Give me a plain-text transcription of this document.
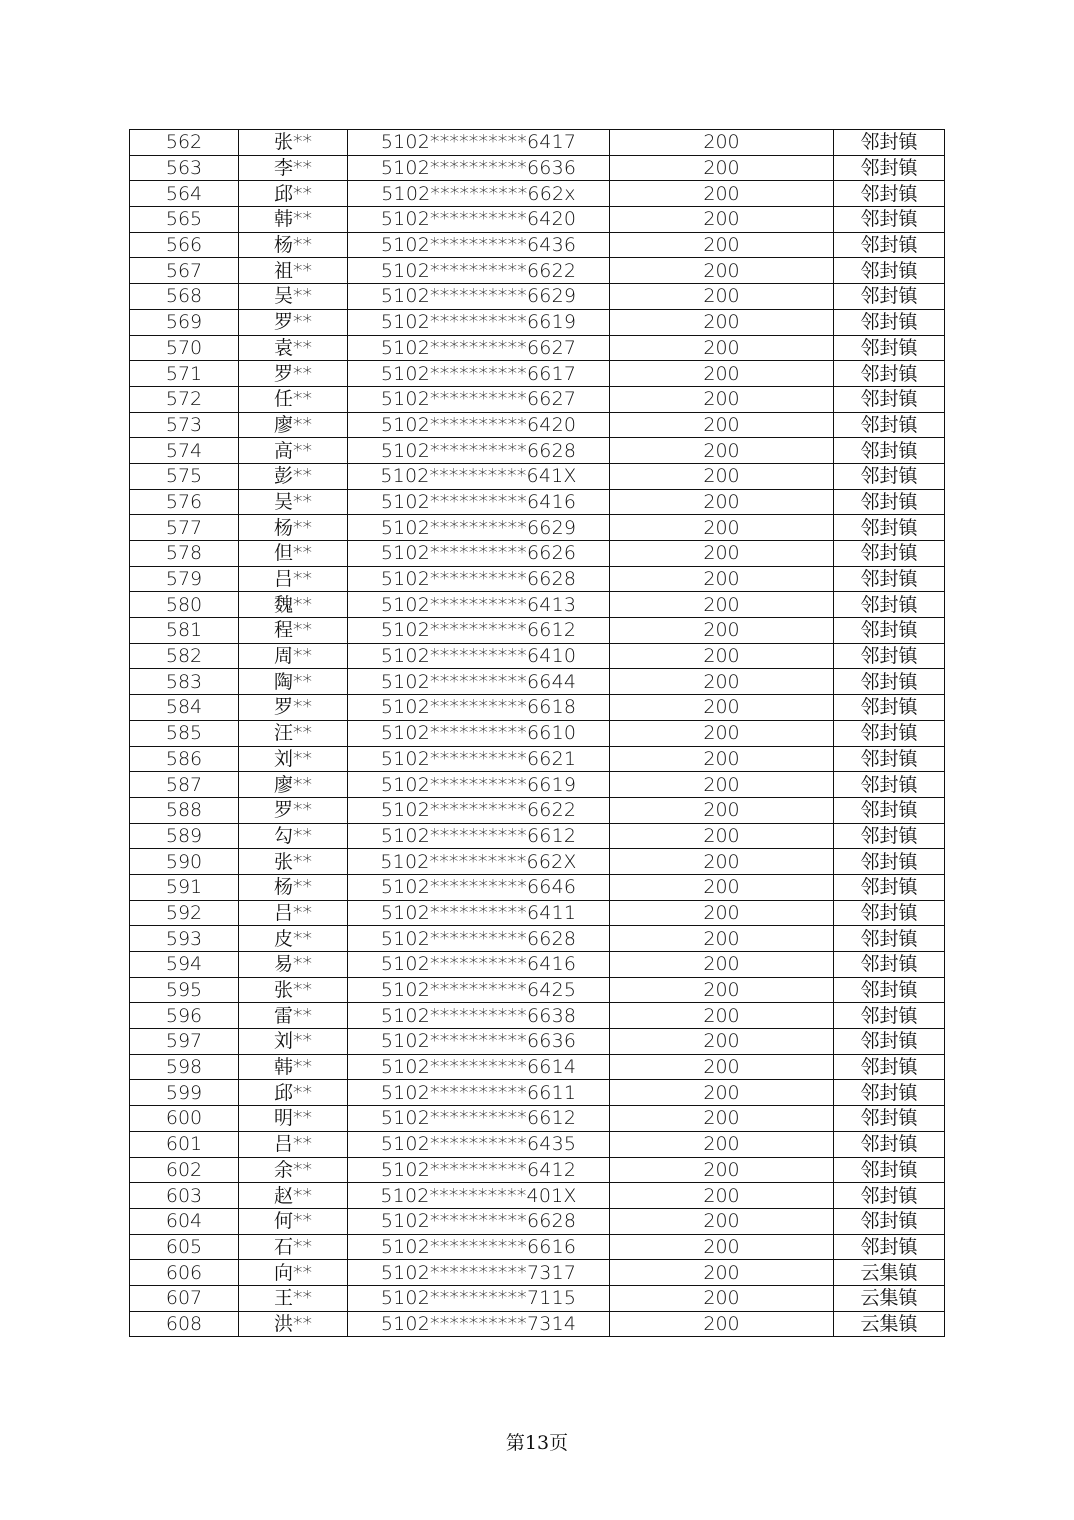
562	张**	5102**********6417	200	邻封镇
563	李**	5102**********6636	200	邻封镇
564	邱**	5102**********662x	200	邻封镇
565	韩**	5102**********6420	200	邻封镇
566	杨**	5102**********6436	200	邻封镇
567	祖**	5102**********6622	200	邻封镇
568	吴**	5102**********6629	200	邻封镇
569	罗**	5102**********6619	200	邻封镇
570	袁**	5102**********6627	200	邻封镇
571	罗**	5102**********6617	200	邻封镇
572	任**	5102**********6627	200	邻封镇
573	廖**	5102**********6420	200	邻封镇
574	高**	5102**********6628	200	邻封镇
575	彭**	5102**********641X	200	邻封镇
576	吴**	5102**********6416	200	邻封镇
577	杨**	5102**********6629	200	邻封镇
578	但**	5102**********6626	200	邻封镇
579	吕**	5102**********6628	200	邻封镇
580	魏**	5102**********6413	200	邻封镇
581	程**	5102**********6612	200	邻封镇
582	周**	5102**********6410	200	邻封镇
583	陶**	5102**********6644	200	邻封镇
584	罗**	5102**********6618	200	邻封镇
585	汪**	5102**********6610	200	邻封镇
586	刘**	5102**********6621	200	邻封镇
587	廖**	5102**********6619	200	邻封镇
588	罗**	5102**********6622	200	邻封镇
589	勾**	5102**********6612	200	邻封镇
590	张**	5102**********662X	200	邻封镇
591	杨**	5102**********6646	200	邻封镇
592	吕**	5102**********6411	200	邻封镇
593	皮**	5102**********6628	200	邻封镇
594	易**	5102**********6416	200	邻封镇
595	张**	5102**********6425	200	邻封镇
596	雷**	5102**********6638	200	邻封镇
597	刘**	5102**********6636	200	邻封镇
598	韩**	5102**********6614	200	邻封镇
599	邱**	5102**********6611	200	邻封镇
600	明**	5102**********6612	200	邻封镇
601	吕**	5102**********6435	200	邻封镇
602	余**	5102**********6412	200	邻封镇
603	赵**	5102**********401X	200	邻封镇
604	何**	5102**********6628	200	邻封镇
605	石**	5102**********6616	200	邻封镇
606	向**	5102**********7317	200	云集镇
607	王**	5102**********7115	200	云集镇
608	洪**	5102**********7314	200	云集镇
第13页
